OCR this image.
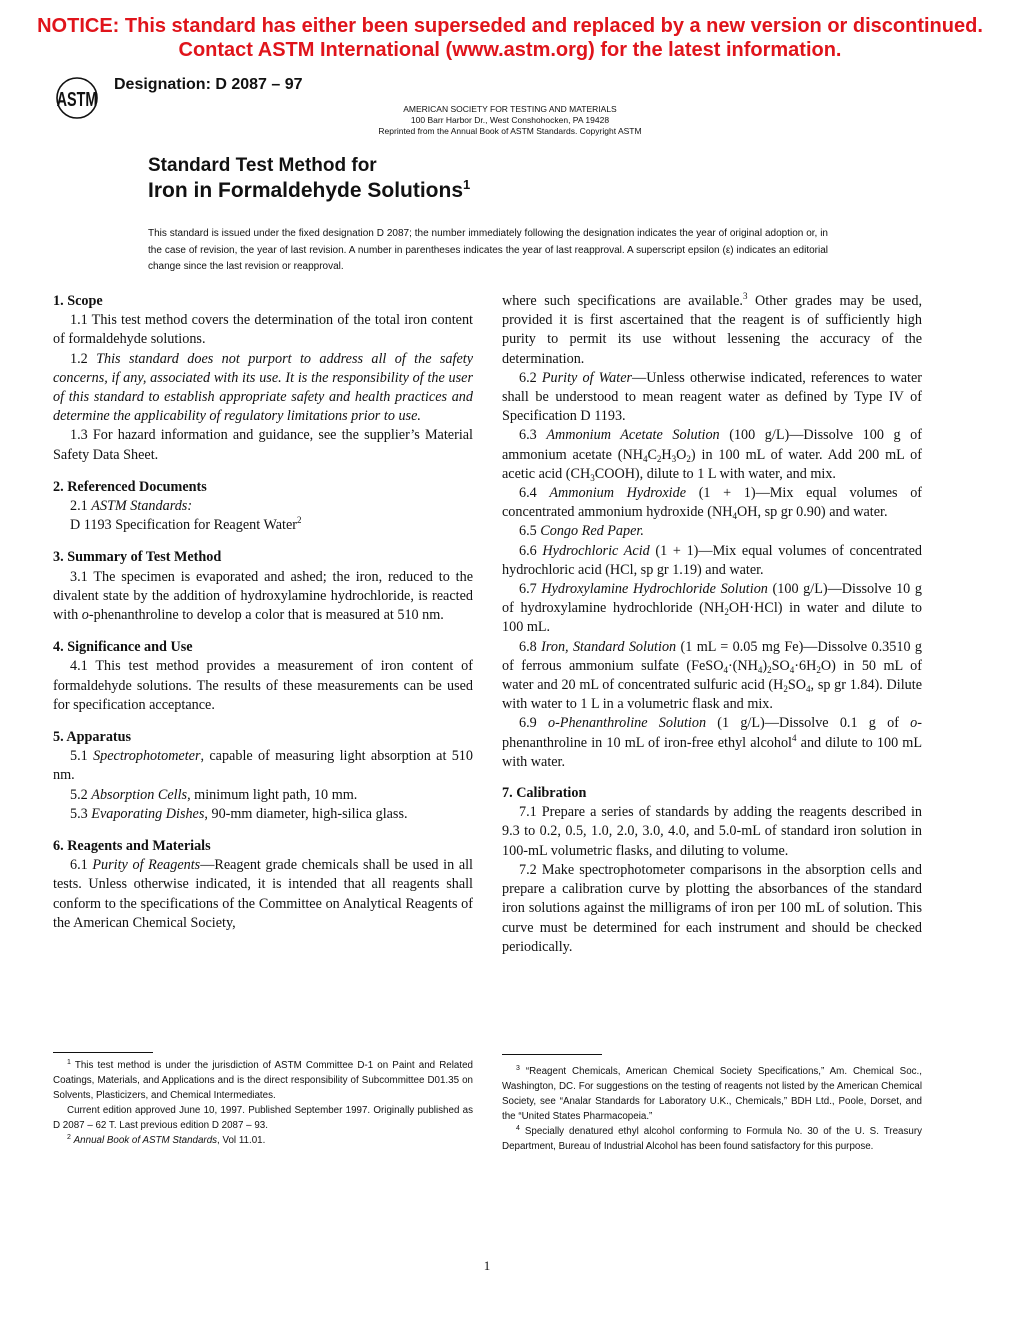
NOTICE: This standard has either been superseded and replaced by a new version or discontinued.
Contact ASTM International (www.astm.org) for the latest information.
ASTM
Designation: D 2087 – 97
AMERICAN SOCIETY FOR TESTING AND MATERIALS
100 Barr Harbor Dr., West Conshohocken, PA 19428
Reprinted from the Annual Book of ASTM Standards. Copyright ASTM
Standard Test Method for
Iron in Formaldehyde Solutions$^1$
This standard is issued under the fixed designation D 2087; the number immediately following the designation indicates the year of original adoption or, in the case of revision, the year of last revision. A number in parentheses indicates the year of last reapproval. A superscript epsilon (ε) indicates an editorial change since the last revision or reapproval.

1. Scope

1.1 This test method covers the determination of the total iron content of formaldehyde solutions.

1.2 This standard does not purport to address all of the safety concerns, if any, associated with its use. It is the responsibility of the user of this standard to establish appropriate safety and health practices and determine the applicability of regulatory limitations prior to use.

1.3 For hazard information and guidance, see the supplier’s Material Safety Data Sheet.

2. Referenced Documents

2.1 ASTM Standards:

D 1193 Specification for Reagent Water$^2$

3. Summary of Test Method

3.1 The specimen is evaporated and ashed; the iron, reduced to the divalent state by the addition of hydroxylamine hydrochloride, is reacted with o-phenanthroline to develop a color that is measured at 510 nm.

4. Significance and Use

4.1 This test method provides a measurement of iron content of formaldehyde solutions. The results of these measurements can be used for specification acceptance.

5. Apparatus

5.1 Spectrophotometer, capable of measuring light absorption at 510 nm.

5.2 Absorption Cells, minimum light path, 10 mm.

5.3 Evaporating Dishes, 90-mm diameter, high-silica glass.

6. Reagents and Materials

6.1 Purity of Reagents—Reagent grade chemicals shall be used in all tests. Unless otherwise indicated, it is intended that all reagents shall conform to the specifications of the Committee on Analytical Reagents of the American Chemical Society,

where such specifications are available.$^3$ Other grades may be used, provided it is first ascertained that the reagent is of sufficiently high purity to permit its use without lessening the accuracy of the determination.

6.2 Purity of Water—Unless otherwise indicated, references to water shall be understood to mean reagent water as defined by Type IV of Specification D 1193.

6.3 Ammonium Acetate Solution (100 g/L)—Dissolve 100 g of ammonium acetate $(NH_4C_2H_3O_2)$ in 100 mL of water. Add 200 mL of acetic acid $(CH_3COOH)$, dilute to 1 L with water, and mix.

6.4 Ammonium Hydroxide (1 + 1)—Mix equal volumes of concentrated ammonium hydroxide ($NH_4OH$, sp gr 0.90) and water.

6.5 Congo Red Paper.

6.6 Hydrochloric Acid (1 + 1)—Mix equal volumes of concentrated hydrochloric acid (HCl, sp gr 1.19) and water.

6.7 Hydroxylamine Hydrochloride Solution (100 g/L)—Dissolve 10 g of hydroxylamine hydrochloride $(NH_2OH\cdot HCl)$ in water and dilute to 100 mL.

6.8 Iron, Standard Solution (1 mL = 0.05 mg Fe)—Dissolve 0.3510 g of ferrous ammonium sulfate $(FeSO_4\cdot(NH_4)_2SO_4\cdot 6H_2O)$ in 50 mL of water and 20 mL of concentrated sulfuric acid ($H_2SO_4$, sp gr 1.84). Dilute with water to 1 L in a volumetric flask and mix.

6.9 o-Phenanthroline Solution (1 g/L)—Dissolve 0.1 g of o-phenanthroline in 10 mL of iron-free ethyl alcohol$^4$ and dilute to 100 mL with water.

7. Calibration

7.1 Prepare a series of standards by adding the reagents described in 9.3 to 0.2, 0.5, 1.0, 2.0, 3.0, 4.0, and 5.0-mL of standard iron solution in 100-mL volumetric flasks, and diluting to volume.

7.2 Make spectrophotometer comparisons in the absorption cells and prepare a calibration curve by plotting the absorbances of the standard iron solutions against the milligrams of iron per 100 mL of solution. This curve must be determined for each instrument and should be checked periodically.

$^1$ This test method is under the jurisdiction of ASTM Committee D-1 on Paint and Related Coatings, Materials, and Applications and is the direct responsibility of Subcommittee D01.35 on Solvents, Plasticizers, and Chemical Intermediates.

Current edition approved June 10, 1997. Published September 1997. Originally published as D 2087 – 62 T. Last previous edition D 2087 – 93.

$^2$ Annual Book of ASTM Standards, Vol 11.01.

$^3$ “Reagent Chemicals, American Chemical Society Specifications,” Am. Chemical Soc., Washington, DC. For suggestions on the testing of reagents not listed by the American Chemical Society, see “Analar Standards for Laboratory U.K., Chemicals,” BDH Ltd., Poole, Dorset, and the “United States Pharmacopeia.”

$^4$ Specially denatured ethyl alcohol conforming to Formula No. 30 of the U. S. Treasury Department, Bureau of Industrial Alcohol has been found satisfactory for this purpose.

1
